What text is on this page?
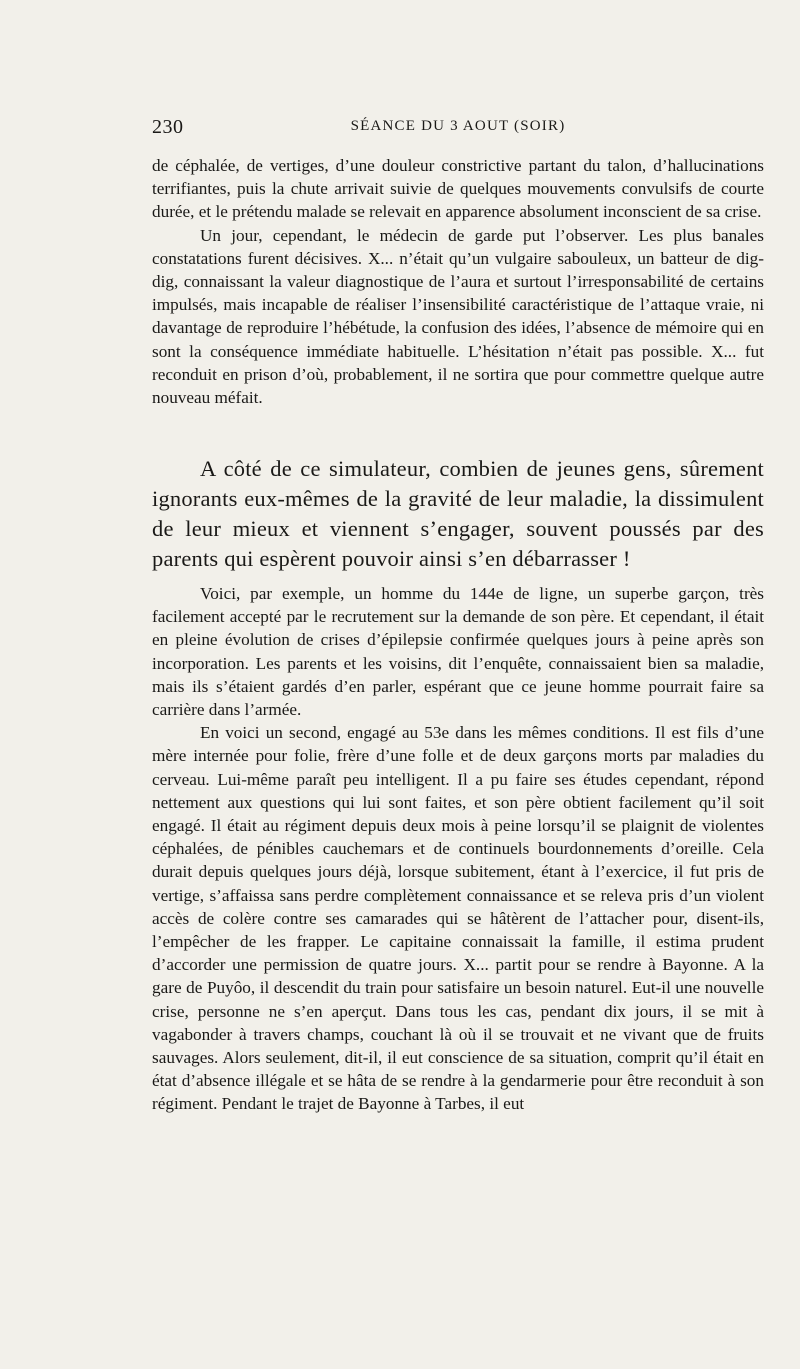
230	SÉANCE DU 3 AOUT (SOIR)

de céphalée, de vertiges, d’une douleur constrictive partant du talon, d’hallucinations terrifiantes, puis la chute arrivait suivie de quelques mouvements convulsifs de courte durée, et le prétendu malade se relevait en apparence absolument inconscient de sa crise.

Un jour, cependant, le médecin de garde put l’observer. Les plus banales constatations furent décisives. X... n’était qu’un vulgaire sabouleux, un batteur de dig-dig, connaissant la valeur diagnostique de l’aura et surtout l’irresponsabilité de certains impulsés, mais incapable de réaliser l’insensibilité caractéristique de l’attaque vraie, ni davantage de reproduire l’hébétude, la confusion des idées, l’absence de mémoire qui en sont la conséquence immédiate habituelle. L’hésitation n’était pas possible. X... fut reconduit en prison d’où, probablement, il ne sortira que pour commettre quelque autre nouveau méfait.

A côté de ce simulateur, combien de jeunes gens, sûrement ignorants eux-mêmes de la gravité de leur maladie, la dissimulent de leur mieux et viennent s’engager, souvent poussés par des parents qui espèrent pouvoir ainsi s’en débarrasser !

Voici, par exemple, un homme du 144e de ligne, un superbe garçon, très facilement accepté par le recrutement sur la demande de son père. Et cependant, il était en pleine évolution de crises d’épilepsie confirmée quelques jours à peine après son incorporation. Les parents et les voisins, dit l’enquête, connaissaient bien sa maladie, mais ils s’étaient gardés d’en parler, espérant que ce jeune homme pourrait faire sa carrière dans l’armée.

En voici un second, engagé au 53e dans les mêmes conditions. Il est fils d’une mère internée pour folie, frère d’une folle et de deux garçons morts par maladies du cerveau. Lui-même paraît peu intelligent. Il a pu faire ses études cependant, répond nettement aux questions qui lui sont faites, et son père obtient facilement qu’il soit engagé. Il était au régiment depuis deux mois à peine lorsqu’il se plaignit de violentes céphalées, de pénibles cauchemars et de continuels bourdonnements d’oreille. Cela durait depuis quelques jours déjà, lorsque subitement, étant à l’exercice, il fut pris de vertige, s’affaissa sans perdre complètement connaissance et se releva pris d’un violent accès de colère contre ses camarades qui se hâtèrent de l’attacher pour, disent-ils, l’empêcher de les frapper. Le capitaine connaissait la famille, il estima prudent d’accorder une permission de quatre jours. X... partit pour se rendre à Bayonne. A la gare de Puyôo, il descendit du train pour satisfaire un besoin naturel. Eut-il une nouvelle crise, personne ne s’en aperçut. Dans tous les cas, pendant dix jours, il se mit à vagabonder à travers champs, couchant là où il se trouvait et ne vivant que de fruits sauvages. Alors seulement, dit-il, il eut conscience de sa situation, comprit qu’il était en état d’absence illégale et se hâta de se rendre à la gendarmerie pour être reconduit à son régiment. Pendant le trajet de Bayonne à Tarbes, il eut
